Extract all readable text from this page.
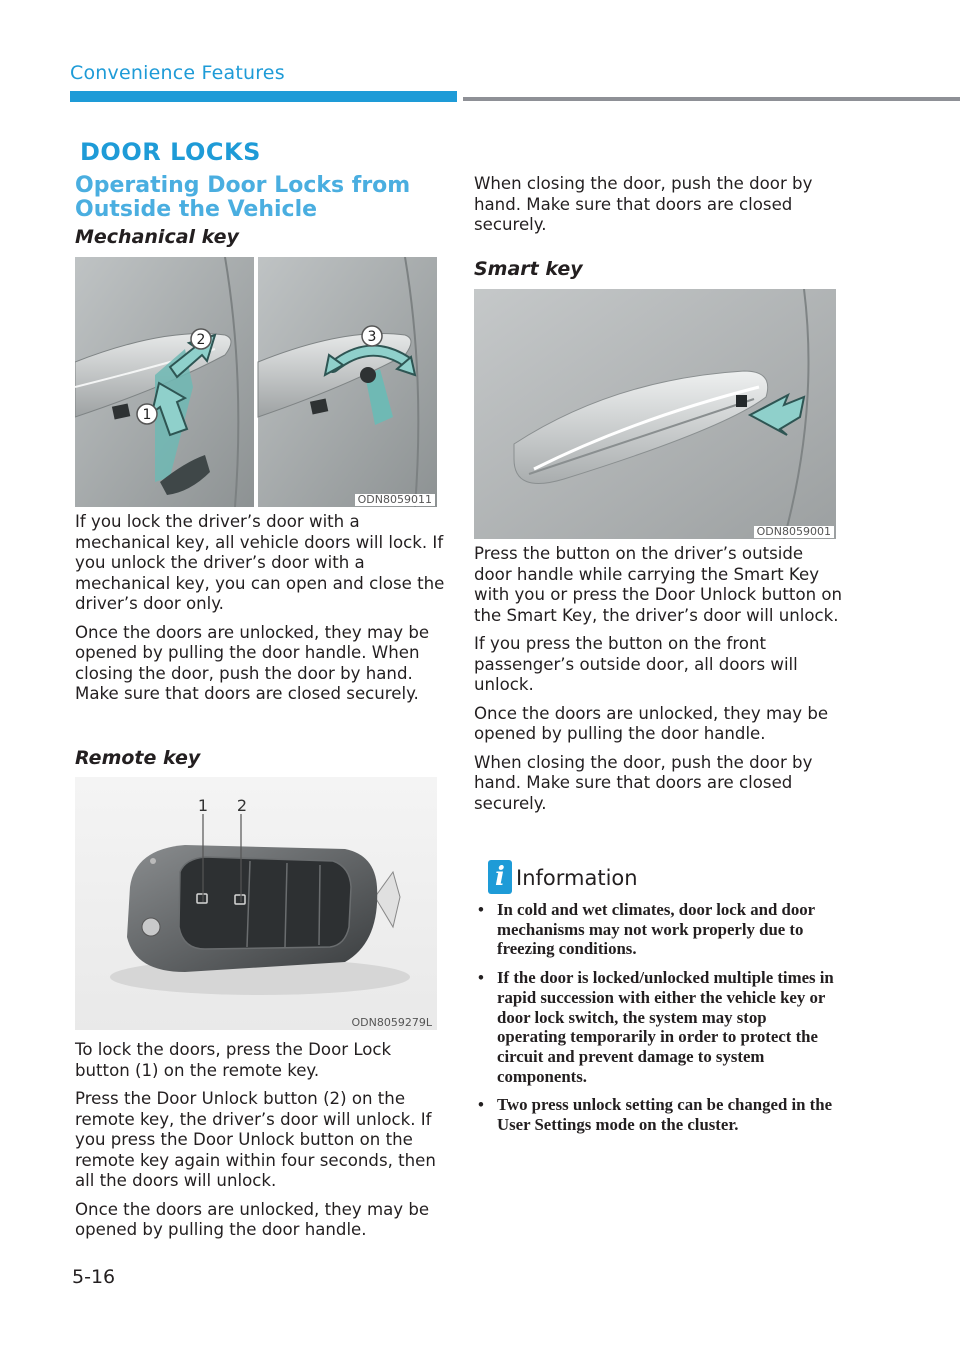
Convenience Features
DOOR LOCKS
Operating Door Locks from Outside the Vehicle
Mechanical key
1
2	3
ODN8059011

If you lock the driver’s door with a mechanical key, all vehicle doors will lock. If you unlock the driver’s door with a mechanical key, you can open and close the driver’s door only.

Once the doors are unlocked, they may be opened by pulling the door handle. When closing the door, push the door by hand. Make sure that doors are closed securely.

Remote key
1 2
ODN8059279L

To lock the doors, press the Door Lock button (1) on the remote key.

Press the Door Unlock button (2) on the remote key, the driver’s door will unlock. If you press the Door Unlock button on the remote key again within four seconds, then all the doors will unlock.

Once the doors are unlocked, they may be opened by pulling the door handle.

When closing the door, push the door by hand. Make sure that doors are closed securely.

Smart key
ODN8059001

Press the button on the driver’s outside door handle while carrying the Smart Key with you or press the Door Unlock button on the Smart Key, the driver’s door will unlock.

If you press the button on the front passenger’s outside door, all doors will unlock.

Once the doors are unlocked, they may be opened by pulling the door handle.

When closing the door, push the door by hand. Make sure that doors are closed securely.

i Information
• In cold and wet climates, door lock and door mechanisms may not work properly due to freezing conditions.
• If the door is locked/unlocked multiple times in rapid succession with either the vehicle key or door lock switch, the system may stop operating temporarily in order to protect the circuit and prevent damage to system components.
• Two press unlock setting can be changed in the User Settings mode on the cluster.
5-16
